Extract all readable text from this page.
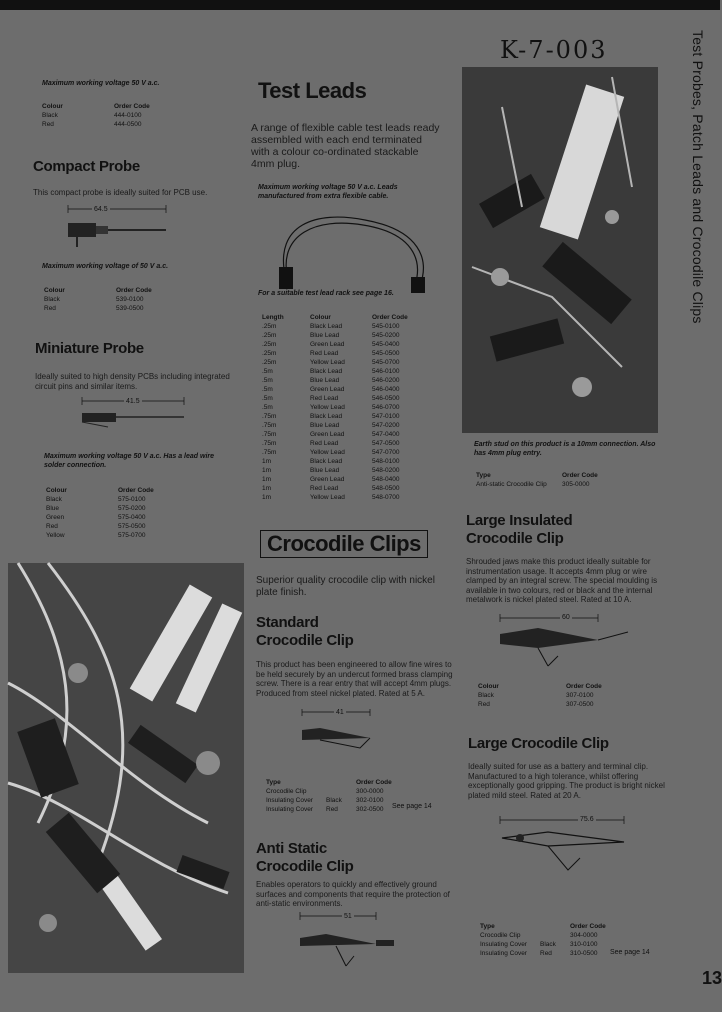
K-7-003	Test Probes, Patch Leads and Crocodile Clips
Maximum working voltage 50 V a.c.
Colour	Order Code
Black	444-0100
Red	444-0500
Compact Probe
This compact probe is ideally suited for PCB use.
64.5
Maximum working voltage of 50 V a.c.
Colour	Order Code
Black	539-0100
Red	539-0500
Miniature Probe
Ideally suited to high density PCBs including integrated circuit pins and similar items.
41.5
Maximum working voltage 50 V a.c. Has a lead wire solder connection.
Colour	Order Code
Black	575-0100
Blue	575-0200
Green	575-0400
Red	575-0500
Yellow	575-0700
Test Leads
A range of flexible cable test leads ready assembled with each end terminated with a colour co-ordinated stackable 4mm plug.
Maximum working voltage 50 V a.c. Leads manufactured from extra flexible cable.
For a suitable test lead rack see page 16.
Length	Colour	Order Code
.25m	Black Lead	545-0100
.25m	Blue Lead	545-0200
.25m	Green Lead	545-0400
.25m	Red Lead	545-0500
.25m	Yellow Lead	545-0700
.5m	Black Lead	546-0100
.5m	Blue Lead	546-0200
.5m	Green Lead	546-0400
.5m	Red Lead	546-0500
.5m	Yellow Lead	546-0700
.75m	Black Lead	547-0100
.75m	Blue Lead	547-0200
.75m	Green Lead	547-0400
.75m	Red Lead	547-0500
.75m	Yellow Lead	547-0700
1m	Black Lead	548-0100
1m	Blue Lead	548-0200
1m	Green Lead	548-0400
1m	Red Lead	548-0500
1m	Yellow Lead	548-0700
Crocodile Clips
Superior quality crocodile clip with nickel plate finish.
Standard Crocodile Clip
This product has been engineered to allow fine wires to be held securely by an undercut formed brass clamping screw. There is a rear entry that will accept 4mm plugs. Produced from steel nickel plated. Rated at 5 A.
41
Type		Order Code
Crocodile Clip		300-0000
Insulating Cover	Black	302-0100
Insulating Cover	Red	302-0500 See page 14
Anti Static Crocodile Clip
Enables operators to quickly and effectively ground surfaces and components that require the protection of anti-static environments.
51
Earth stud on this product is a 10mm connection. Also has 4mm plug entry.
Type	Order Code
Anti-static Crocodile Clip	305-0000
Large Insulated Crocodile Clip
Shrouded jaws make this product ideally suitable for instrumentation usage. It accepts 4mm plug or wire clamped by an integral screw. The special moulding is available in two colours, red or black and the internal metalwork is nickel plated steel. Rated at 10 A.
60
Colour	Order Code
Black	307-0100
Red	307-0500
Large Crocodile Clip
Ideally suited for use as a battery and terminal clip. Manufactured to a high tolerance, whilst offering exceptionally good gripping. The product is bright nickel plated mild steel. Rated at 20 A.
75.6
Type		Order Code
Crocodile Clip		304-0000
Insulating Cover	Black	310-0100
Insulating Cover	Red	310-0500 See page 14
13
